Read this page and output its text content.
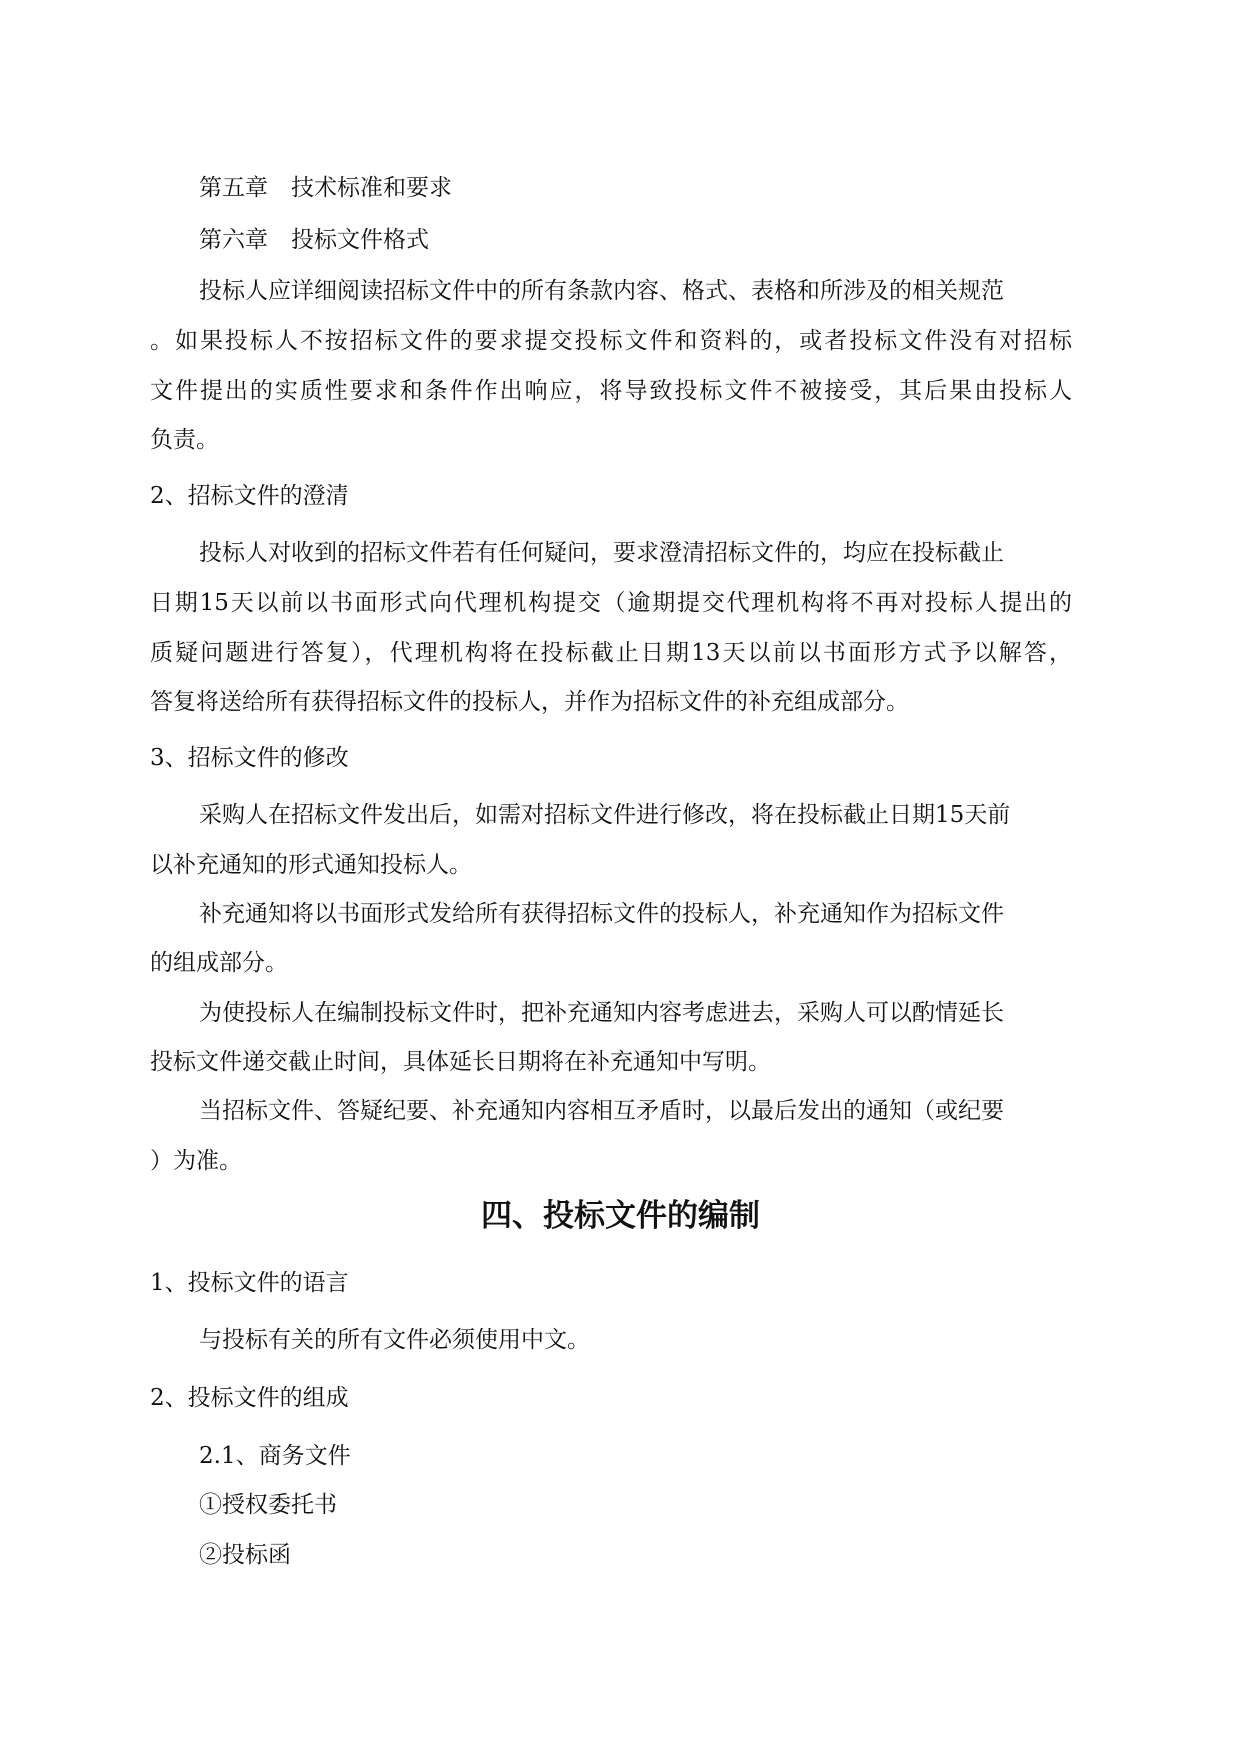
第五章　技术标准和要求
第六章　投标文件格式
投标人应详细阅读招标文件中的所有条款内容、格式、表格和所涉及的相关规范
。如果投标人不按招标文件的要求提交投标文件和资料的，或者投标文件没有对招标
文件提出的实质性要求和条件作出响应，将导致投标文件不被接受，其后果由投标人
负责。
2、招标文件的澄清
投标人对收到的招标文件若有任何疑问，要求澄清招标文件的，均应在投标截止
日期15天以前以书面形式向代理机构提交（逾期提交代理机构将不再对投标人提出的
质疑问题进行答复），代理机构将在投标截止日期13天以前以书面形方式予以解答，
答复将送给所有获得招标文件的投标人，并作为招标文件的补充组成部分。
3、招标文件的修改
采购人在招标文件发出后，如需对招标文件进行修改，将在投标截止日期15天前
以补充通知的形式通知投标人。
补充通知将以书面形式发给所有获得招标文件的投标人，补充通知作为招标文件
的组成部分。
为使投标人在编制投标文件时，把补充通知内容考虑进去，采购人可以酌情延长
投标文件递交截止时间，具体延长日期将在补充通知中写明。
当招标文件、答疑纪要、补充通知内容相互矛盾时，以最后发出的通知（或纪要
）为准。
四、投标文件的编制
1、投标文件的语言
与投标有关的所有文件必须使用中文。
2、投标文件的组成
2.1、商务文件
①授权委托书
②投标函
